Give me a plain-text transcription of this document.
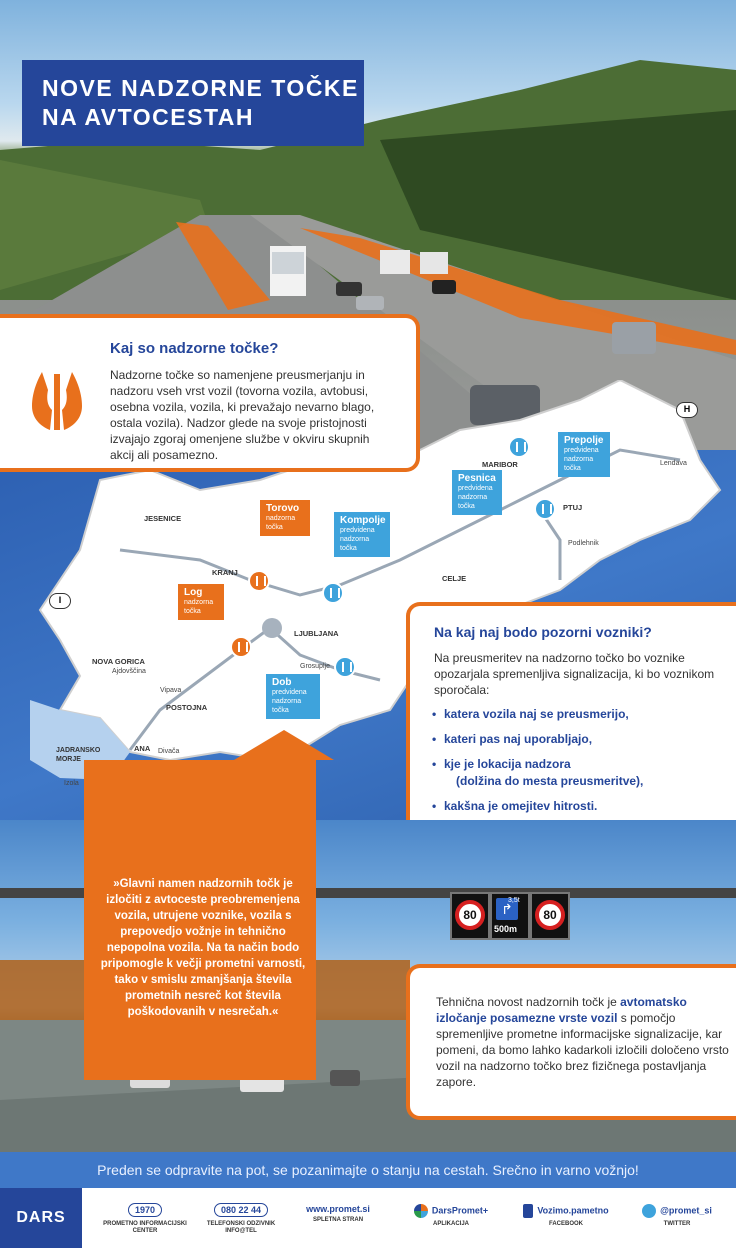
H
I
JESENICE
KRANJ
LJUBLJANA
CELJE
MARIBOR
PTUJ
NOVA GORICA
POSTOJNA
Lendava
Podlehnik
Ajdovščina
Vipava
Divača
Grosuplje
Izola
JADRANSKO MORJE
ANA
Torovo
nadzorna
točka
Log
nadzorna
točka
Kompolje
predvidena
nadzorna
točka
Pesnica
predvidena
nadzorna
točka
Prepolje
predvidena
nadzorna
točka
Dob
predvidena
nadzorna
točka
NOVE NADZORNE TOČKE
NA AVTOCESTAH
Kaj so nadzorne točke?

Nadzorne točke so namenjene preusmerjanju in nadzoru vseh vrst vozil (tovorna vozila, avtobusi, osebna vozila, vozila, ki prevažajo nevarno blago, ostala vozila). Nadzor glede na svoje pristojnosti izvajajo zgoraj omenjene službe v okviru skupnih akcij ali posamezno.

Na kaj naj bodo pozorni vozniki?

Na preusmeritev na nadzorno točko bo voznike opozarjala spremenljiva signalizacija, ki bo voznikom sporočala:

• katera vozila naj se preusmerijo,
• kateri pas naj uporabljajo,
• kje je lokacija nadzora
(dolžina do mesta preusmeritve),
• kakšna je omejitev hitrosti.
80	↱
3,5t
500m
80
»Glavni namen nadzornih točk je izločiti z avtoceste preobremenjena vozila, utrujene voznike, vozila s prepovedjo vožnje in tehnično nepopolna vozila. Na ta način bodo pripomogle k večji prometni varnosti, tako v smislu zmanjšanja števila prometnih nesreč kot števila poškodovanih v nesrečah.«

Tehnična novost nadzornih točk je avtomatsko izločanje posamezne vrste vozil s pomočjo spremenljive prometne informacijske signalizacije, kar pomeni, da bomo lahko kadarkoli izločili določeno vrsto vozil na nadzorno točko brez fizičnega postavljanja zapore.

Preden se odpravite na pot, se pozanimajte o stanju na cestah. Srečno in varno vožnjo!
DARS	1970
PROMETNO INFORMACIJSKI CENTER
080 22 44
TELEFONSKI ODZIVNIK INFO@TEL
www.promet.si
SPLETNA STRAN
DarsPromet+
APLIKACIJA
Vozimo.pametno
FACEBOOK
@promet_si
TWITTER
